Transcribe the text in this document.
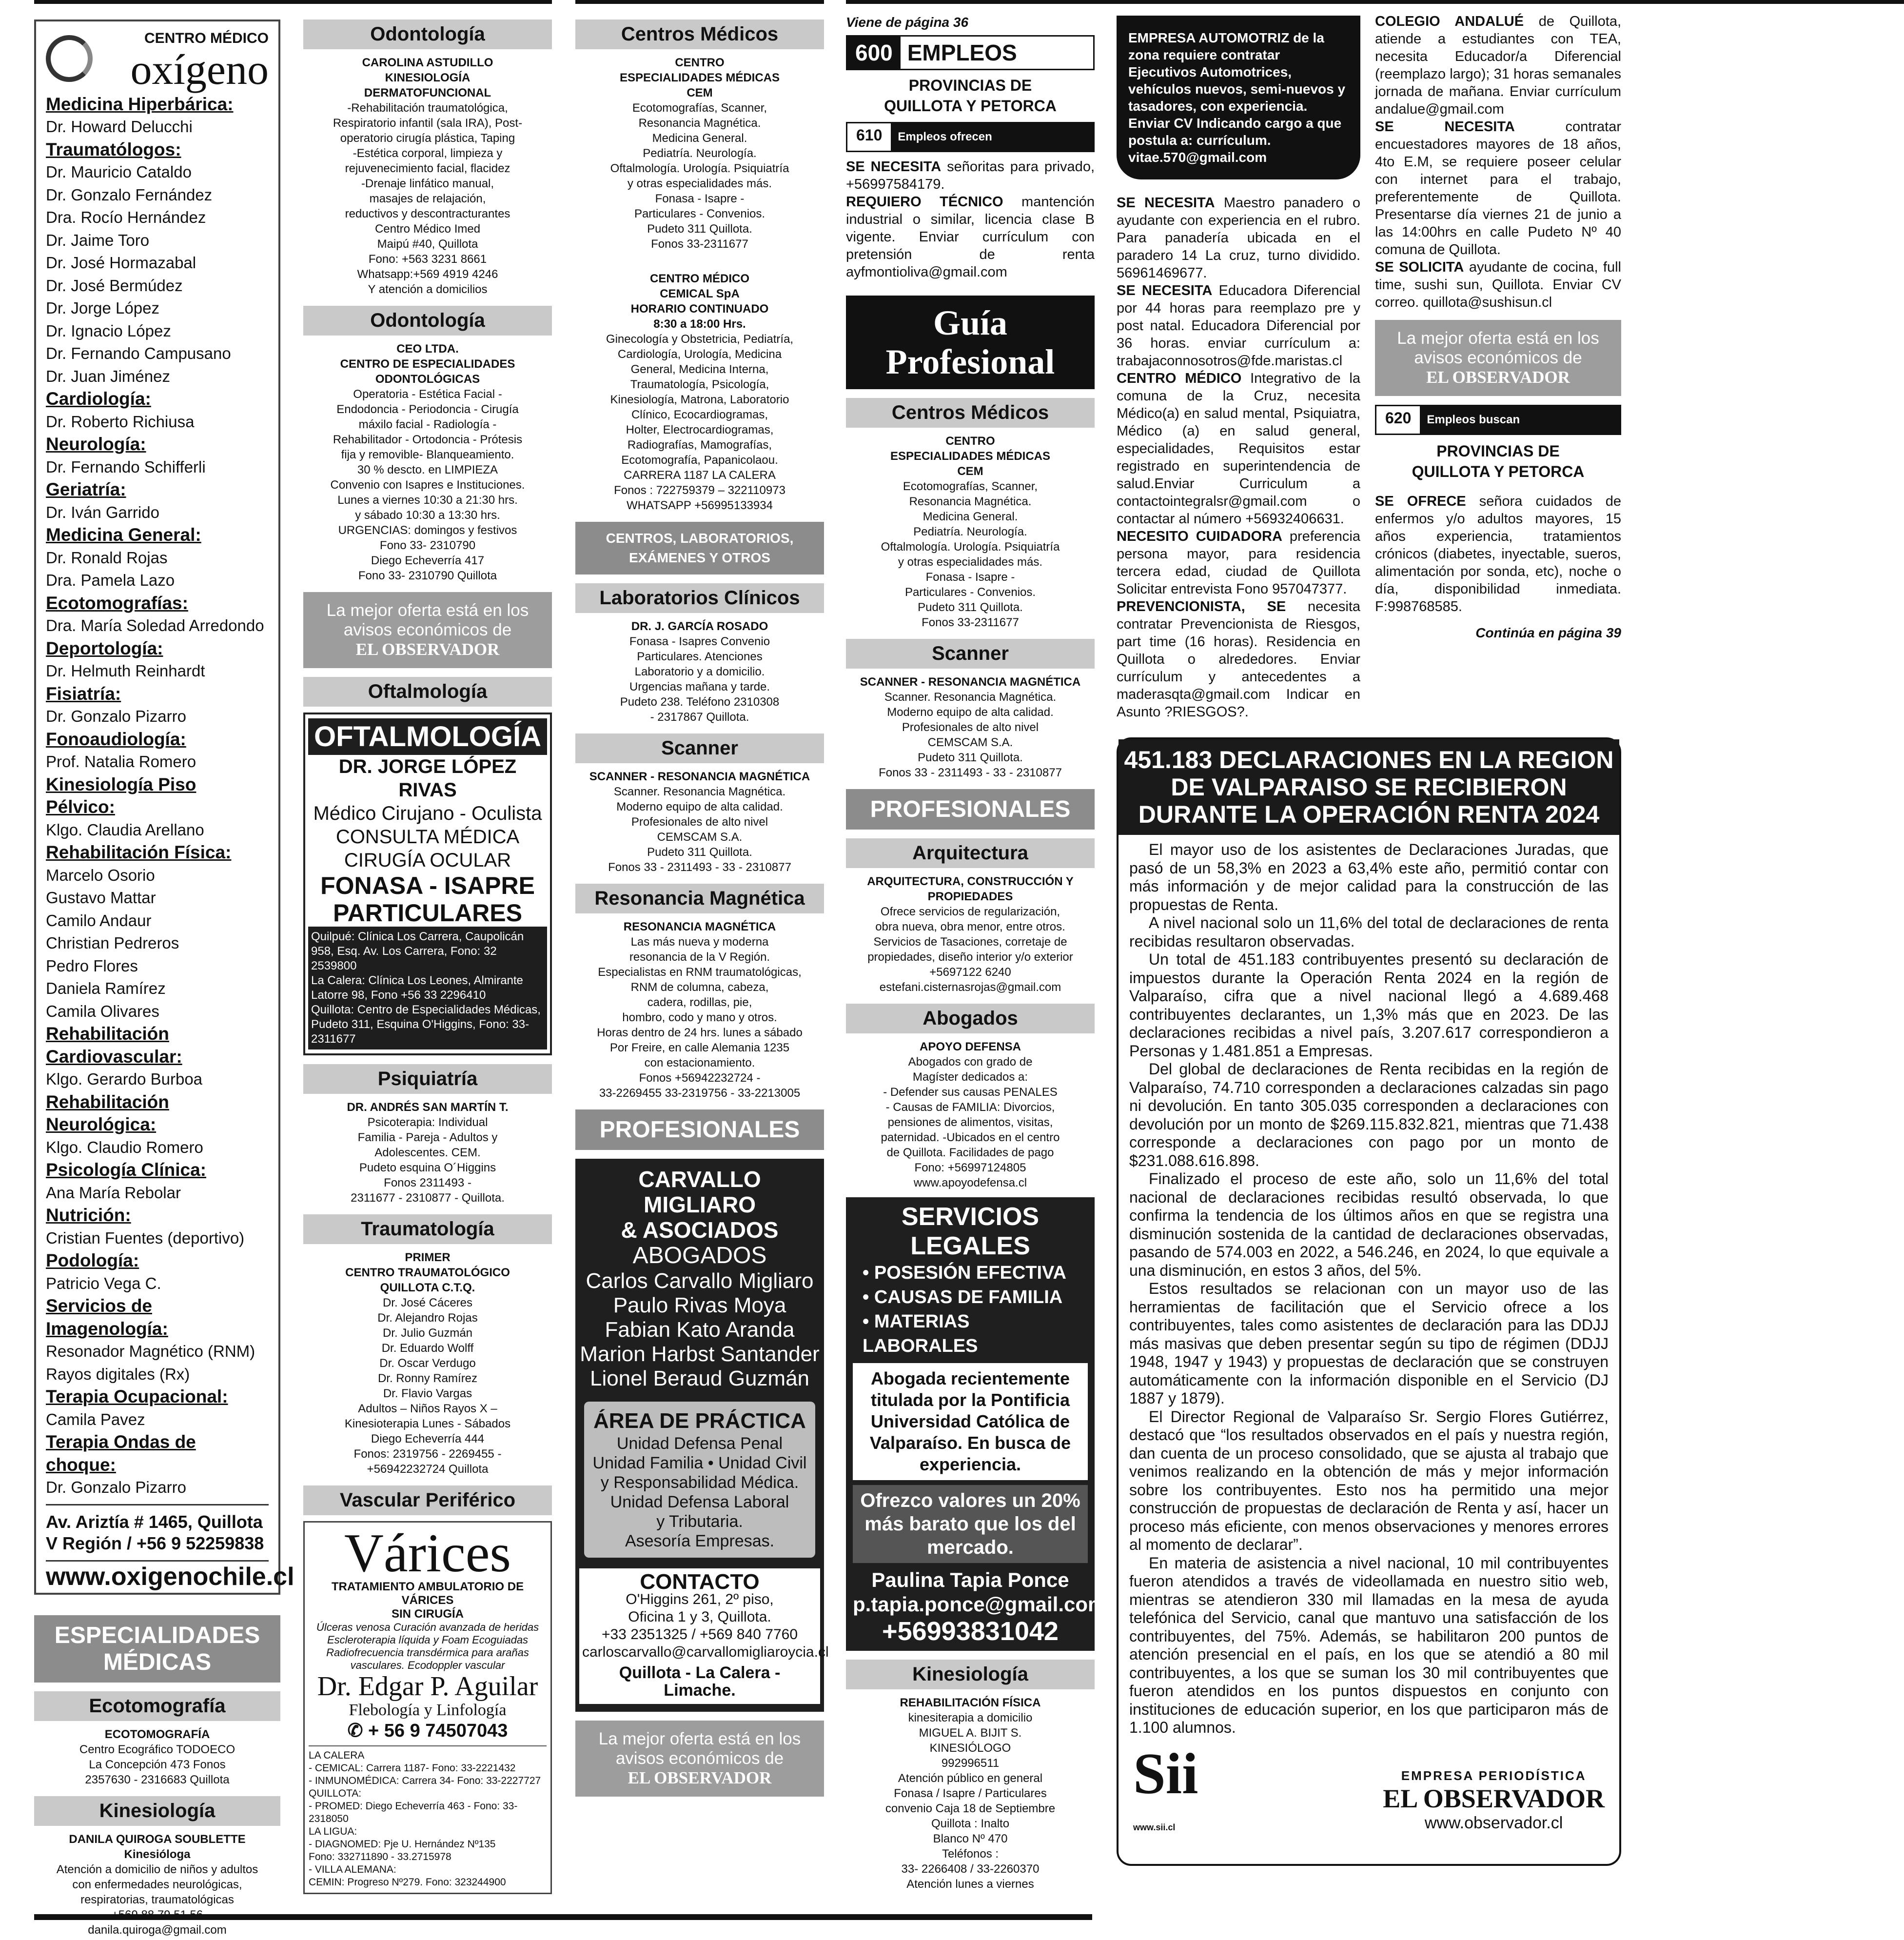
CENTRO MÉDICO
oxígeno
Medicina Hiperbárica:
Dr. Howard Delucchi
Traumatólogos:
Dr. Mauricio Cataldo
Dr. Gonzalo Fernández
Dra. Rocío Hernández
Dr. Jaime Toro
Dr. José Hormazabal
Dr. José Bermúdez
Dr. Jorge López
Dr. Ignacio López
Dr. Fernando Campusano
Dr. Juan Jiménez
Cardiología:
Dr. Roberto Richiusa
Neurología:
Dr. Fernando Schifferli
Geriatría:
Dr. Iván Garrido
Medicina General:
Dr. Ronald Rojas
Dra. Pamela Lazo
Ecotomografías:
Dra. María Soledad Arredondo
Deportología:
Dr. Helmuth Reinhardt
Fisiatría:
Dr. Gonzalo Pizarro
Fonoaudiología:
Prof. Natalia Romero
Kinesiología Piso Pélvico:
Klgo. Claudia Arellano
Rehabilitación Física:
Marcelo Osorio
Gustavo Mattar
Camilo Andaur
Christian Pedreros
Pedro Flores
Daniela Ramírez
Camila Olivares
Rehabilitación Cardiovascular:
Klgo. Gerardo Burboa
Rehabilitación Neurológica:
Klgo. Claudio Romero
Psicología Clínica:
Ana María Rebolar
Nutrición:
Cristian Fuentes (deportivo)
Podología:
Patricio Vega C.
Servicios de Imagenología:
Resonador Magnético (RNM)
Rayos digitales (Rx)
Terapia Ocupacional:
Camila Pavez
Terapia Ondas de choque:
Dr. Gonzalo Pizarro
Av. Ariztía # 1465, Quillota
V Región / +56 9 52259838
www.oxigenochile.cl
ESPECIALIDADES MÉDICAS
Ecotomografía
ECOTOMOGRAFÍA
Centro Ecográfico TODOECO
La Concepción 473 Fonos
2357630 - 2316683 Quillota
Kinesiología
DANILA QUIROGA SOUBLETTE
Kinesióloga
Atención a domicilio de niños y adultos
con enfermedades neurológicas,
respiratorias, traumatológicas
danila.quiroga@gmail.com
Odontología
CAROLINA ASTUDILLO
KINESIOLOGÍA
DERMATOFUNCIONAL
-Rehabilitación traumatológica,
Respiratorio infantil (sala IRA), Post-
operatorio cirugía plástica, Taping
-Estética corporal, limpieza y
rejuvenecimiento facial, flacidez
-Drenaje linfático manual,
masajes de relajación,
reductivos y descontracturantes
Centro Médico Imed
Maipú #40, Quillota
Fono: +563 3231 8661
Whatsapp:+569 4919 4246
Y atención a domicilios
Odontología
CEO LTDA.
CENTRO DE ESPECIALIDADES
ODONTOLÓGICAS
Operatoria - Estética Facial -
Endodoncia - Periodoncia - Cirugía
máxilo facial - Radiología -
Rehabilitador - Ortodoncia - Prótesis
fija y removible- Blanqueamiento.
30 % descto. en LIMPIEZA
Convenio con Isapres e Instituciones.
Lunes a viernes 10:30 a 21:30 hrs.
y sábado 10:30 a 13:30 hrs.
URGENCIAS: domingos y festivos
Fono 33- 2310790
Diego Echeverría 417
Fono 33- 2310790 Quillota
La mejor oferta está en los avisos económicos de
EL OBSERVADOR
Oftalmología
OFTALMOLOGÍA
DR. JORGE LÓPEZ RIVAS
Médico Cirujano - Oculista
CONSULTA MÉDICA
CIRUGÍA OCULAR
FONASA - ISAPRE
PARTICULARES
Quilpué: Clínica Los Carrera, Caupolicán 958, Esq. Av. Los Carrera, Fono: 32 2539800
La Calera: Clínica Los Leones, Almirante Latorre 98, Fono +56 33 2296410
Quillota: Centro de Especialidades Médicas, Pudeto 311, Esquina O'Higgins, Fono: 33-2311677
Psiquiatría
DR. ANDRÉS SAN MARTÍN T.
Psicoterapia: Individual
Familia - Pareja - Adultos y
Adolescentes. CEM.
Pudeto esquina O´Higgins
Fonos 2311493 -
2311677 - 2310877 - Quillota.
Traumatología
PRIMER
CENTRO TRAUMATOLÓGICO
QUILLOTA C.T.Q.
Dr. José Cáceres
Dr. Alejandro Rojas
Dr. Julio Guzmán
Dr. Eduardo Wolff
Dr. Oscar Verdugo
Dr. Ronny Ramírez
Dr. Flavio Vargas
Adultos – Niños Rayos X –
Kinesioterapia Lunes - Sábados
Diego Echeverría 444
Fonos: 2319756 - 2269455 -
+56942232724 Quillota
Vascular Periférico
Várices
TRATAMIENTO AMBULATORIO DE VÁRICES
SIN CIRUGÍA
Úlceras venosa Curación avanzada de heridas Escleroterapia líquida y Foam Ecoguiadas Radiofrecuencia transdérmica para arañas vasculares. Ecodoppler vascular
Dr. Edgar P. Aguilar
Flebología y Linfología
✆ + 56 9 74507043
LA CALERA
- CEMICAL: Carrera 1187- Fono: 33-2221432
- INMUNOMÉDICA: Carrera 34- Fono: 33-2227727
QUILLOTA:
- PROMED: Diego Echeverría 463 - Fono: 33-2318050
LA LIGUA:
- DIAGNOMED: Pje U. Hernández Nº135
Fono: 332711890 - 33.2715978
- VILLA ALEMANA:
CEMIN: Progreso Nº279. Fono: 323244900
Centros Médicos
CENTRO
ESPECIALIDADES MÉDICAS
CEM
Ecotomografías, Scanner,
Resonancia Magnética.
Medicina General.
Pediatría. Neurología.
Oftalmología. Urología. Psiquiatría
y otras especialidades más.
Fonasa - Isapre -
Particulares - Convenios.
Pudeto 311 Quillota.
Fonos 33-2311677
CENTRO MÉDICO
CEMICAL SpA
HORARIO CONTINUADO
8:30 a 18:00 Hrs.
Ginecología y Obstetricia, Pediatría,
Cardiología, Urología, Medicina
General, Medicina Interna,
Traumatología, Psicología,
Kinesiología, Matrona, Laboratorio
Clínico, Ecocardiogramas,
Holter, Electrocardiogramas,
Radiografías, Mamografías,
Ecotomografía, Papanicolaou.
CARRERA 1187 LA CALERA
Fonos : 722759379 – 322110973
WHATSAPP +56995133934
CENTROS, LABORATORIOS, EXÁMENES Y OTROS
Laboratorios Clínicos
DR. J. GARCÍA ROSADO
Fonasa - Isapres Convenio
Particulares. Atenciones
Laboratorio y a domicilio.
Urgencias mañana y tarde.
Pudeto 238. Teléfono 2310308
- 2317867 Quillota.
Scanner
SCANNER - RESONANCIA MAGNÉTICA
Scanner. Resonancia Magnética.
Moderno equipo de alta calidad.
Profesionales de alto nivel
CEMSCAM S.A.
Pudeto 311 Quillota.
Fonos 33 - 2311493 - 33 - 2310877
Resonancia Magnética
RESONANCIA MAGNÉTICA
Las más nueva y moderna
resonancia de la V Región.
Especialistas en RNM traumatológicas,
RNM de columna, cabeza,
cadera, rodillas, pie,
hombro, codo y mano y otros.
Horas dentro de 24 hrs. lunes a sábado
Por Freire, en calle Alemania 1235
con estacionamiento.
Fonos +56942232724 -
33-2269455 33-2319756 - 33-2213005
PROFESIONALES
CARVALLO MIGLIARO
& ASOCIADOS
ABOGADOS
Carlos Carvallo Migliaro
Paulo Rivas Moya
Fabian Kato Aranda
Marion Harbst Santander
Lionel Beraud Guzmán
ÁREA DE PRÁCTICA
Unidad Defensa Penal
Unidad Familia • Unidad Civil
y Responsabilidad Médica.
Unidad Defensa Laboral
y Tributaria.
Asesoría Empresas.
CONTACTO
O'Higgins 261, 2º piso,
Oficina 1 y 3, Quillota.
+33 2351325 / +569 840 7760
carloscarvallo@carvallomigliaroycia.cl
Quillota - La Calera - Limache.
La mejor oferta está en los avisos económicos de
EL OBSERVADOR
Viene de página 36
600 EMPLEOS
PROVINCIAS DE
QUILLOTA Y PETORCA
610	Empleos ofrecen
SE NECESITA señoritas para privado, +56997584179.
REQUIERO TÉCNICO mantención industrial o similar, licencia clase B vigente. Enviar currículum con pretensión de renta ayfmontioliva@gmail.com
Guía
Profesional
Centros Médicos
CENTRO
ESPECIALIDADES MÉDICAS
CEM
Ecotomografías, Scanner,
Resonancia Magnética.
Medicina General.
Pediatría. Neurología.
Oftalmología. Urología. Psiquiatría
y otras especialidades más.
Fonasa - Isapre -
Particulares - Convenios.
Pudeto 311 Quillota.
Fonos 33-2311677
Scanner
SCANNER - RESONANCIA MAGNÉTICA
Scanner. Resonancia Magnética.
Moderno equipo de alta calidad.
Profesionales de alto nivel
CEMSCAM S.A.
Pudeto 311 Quillota.
Fonos 33 - 2311493 - 33 - 2310877
PROFESIONALES
Arquitectura
ARQUITECTURA, CONSTRUCCIÓN Y PROPIEDADES
Ofrece servicios de regularización,
obra nueva, obra menor, entre otros.
Servicios de Tasaciones, corretaje de
propiedades, diseño interior y/o exterior
+5697122 6240
estefani.cisternasrojas@gmail.com
Abogados
APOYO DEFENSA
Abogados con grado de
Magíster dedicados a:
- Defender sus causas PENALES
- Causas de FAMILIA: Divorcios,
pensiones de alimentos, visitas,
paternidad. -Ubicados en el centro
de Quillota. Facilidades de pago
Fono: +56997124805
www.apoyodefensa.cl
SERVICIOS LEGALES
• POSESIÓN EFECTIVA
• CAUSAS DE FAMILIA
• MATERIAS LABORALES
Abogada recientemente titulada por la Pontificia Universidad Católica de Valparaíso. En busca de experiencia.
Ofrezco valores un 20% más barato que los del mercado.
Paulina Tapia Ponce
p.tapia.ponce@gmail.com
+56993831042
Kinesiología
REHABILITACIÓN FÍSICA
kinesiterapia a domicilio
MIGUEL A. BIJIT S.
KINESIÓLOGO
992996511
Atención público en general
Fonasa / Isapre / Particulares
convenio Caja 18 de Septiembre
Quillota : Inalto
Blanco Nº 470
Teléfonos :
33- 2266408 / 33-2260370
Atención lunes a viernes
EMPRESA AUTOMOTRIZ de la zona requiere contratar Ejecutivos Automotrices, vehículos nuevos, semi-nuevos y tasadores, con experiencia. Enviar CV Indicando cargo a que postula a: currículum. vitae.570@gmail.com
SE NECESITA Maestro panadero o ayudante con experiencia en el rubro. Para panadería ubicada en el paradero 14 La cruz, turno dividido. 56961469677.
SE NECESITA Educadora Diferencial por 44 horas para reemplazo pre y post natal. Educadora Diferencial por 36 horas. enviar currículum a: trabajaconnosotros@fde.maristas.cl
CENTRO MÉDICO Integrativo de la comuna de la Cruz, necesita Médico(a) en salud mental, Psiquiatra, Médico (a) en salud general, especialidades, Requisitos estar registrado en superintendencia de salud.Enviar Curriculum a contactointegralsr@gmail.com o contactar al número +56932406631.
NECESITO CUIDADORA preferencia persona mayor, para residencia tercera edad, ciudad de Quillota Solicitar entrevista Fono 957047377.
PREVENCIONISTA, SE necesita contratar Prevencionista de Riesgos, part time (16 horas). Residencia en Quillota o alrededores. Enviar currículum y antecedentes a maderasqta@gmail.com Indicar en Asunto ?RIESGOS?.
COLEGIO ANDALUÉ de Quillota, atiende a estudiantes con TEA, necesita Educador/a Diferencial (reemplazo largo); 31 horas semanales jornada de mañana. Enviar currículum andalue@gmail.com
SE NECESITA contratar encuestadores mayores de 18 años, 4to E.M, se requiere poseer celular con internet para el trabajo, preferentemente de Quillota. Presentarse día viernes 21 de junio a las 14:00hrs en calle Pudeto Nº 40 comuna de Quillota.
SE SOLICITA ayudante de cocina, full time, sushi sun, Quillota. Enviar CV correo. quillota@sushisun.cl
La mejor oferta está en los avisos económicos de
EL OBSERVADOR
620	Empleos buscan
PROVINCIAS DE
QUILLOTA Y PETORCA
SE OFRECE señora cuidados de enfermos y/o adultos mayores, 15 años experiencia, tratamientos crónicos (diabetes, inyectable, sueros, alimentación por sonda, etc), noche o día, disponibilidad inmediata. F:998768585.
Continúa en página 39
451.183 DECLARACIONES EN LA REGION DE VALPARAISO SE RECIBIERON DURANTE LA OPERACIÓN RENTA 2024

El mayor uso de los asistentes de Declaraciones Juradas, que pasó de un 58,3% en 2023 a 63,4% este año, permitió contar con más información y de mejor calidad para la construcción de las propuestas de Renta.

A nivel nacional solo un 11,6% del total de declaraciones de renta recibidas resultaron observadas.

Un total de 451.183 contribuyentes presentó su declaración de impuestos durante la Operación Renta 2024 en la región de Valparaíso, cifra que a nivel nacional llegó a 4.689.468 contribuyentes declarantes, un 1,3% más que en 2023. De las declaraciones recibidas a nivel país, 3.207.617 correspondieron a Personas y 1.481.851 a Empresas.

Del global de declaraciones de Renta recibidas en la región de Valparaíso, 74.710 corresponden a declaraciones calzadas sin pago ni devolución. En tanto 305.035 corresponden a declaraciones con devolución por un monto de $269.115.832.821, mientras que 71.438 corresponde a declaraciones con pago por un monto de $231.088.616.898.

Finalizado el proceso de este año, solo un 11,6% del total nacional de declaraciones recibidas resultó observada, lo que confirma la tendencia de los últimos años en que se registra una disminución sostenida de la cantidad de declaraciones observadas, pasando de 574.003 en 2022, a 546.246, en 2024, lo que equivale a una disminución, en estos 3 años, del 5%.

Estos resultados se relacionan con un mayor uso de las herramientas de facilitación que el Servicio ofrece a los contribuyentes, tales como asistentes de declaración para las DDJJ más masivas que deben presentar según su tipo de régimen (DDJJ 1948, 1947 y 1943) y propuestas de declaración que se construyen automáticamente con la información disponible en el Servicio (DJ 1887 y 1879).

El Director Regional de Valparaíso Sr. Sergio Flores Gutiérrez, destacó que “los resultados observados en el país y nuestra región, dan cuenta de un proceso consolidado, que se ajusta al trabajo que venimos realizando en la obtención de más y mejor información sobre los contribuyentes. Esto nos ha permitido una mejor construcción de propuestas de declaración de Renta y así, hacer un proceso más eficiente, con menos observaciones y menores errores al momento de declarar”.

En materia de asistencia a nivel nacional, 10 mil contribuyentes fueron atendidos a través de videollamada en nuestro sitio web, mientras se atendieron 330 mil llamadas en la mesa de ayuda telefónica del Servicio, canal que mantuvo una satisfacción de los contribuyentes, del 75%. Además, se habilitaron 200 puntos de atención presencial en el país, en los que se atendió a 80 mil contribuyentes, a los que se suman los 30 mil contribuyentes que fueron atendidos en los puntos dispuestos en conjunto con instituciones de educación superior, en los que participaron más de 1.100 alumnos.

Sii
www.sii.cl
EMPRESA PERIODÍSTICA
EL OBSERVADOR
www.observador.cl
